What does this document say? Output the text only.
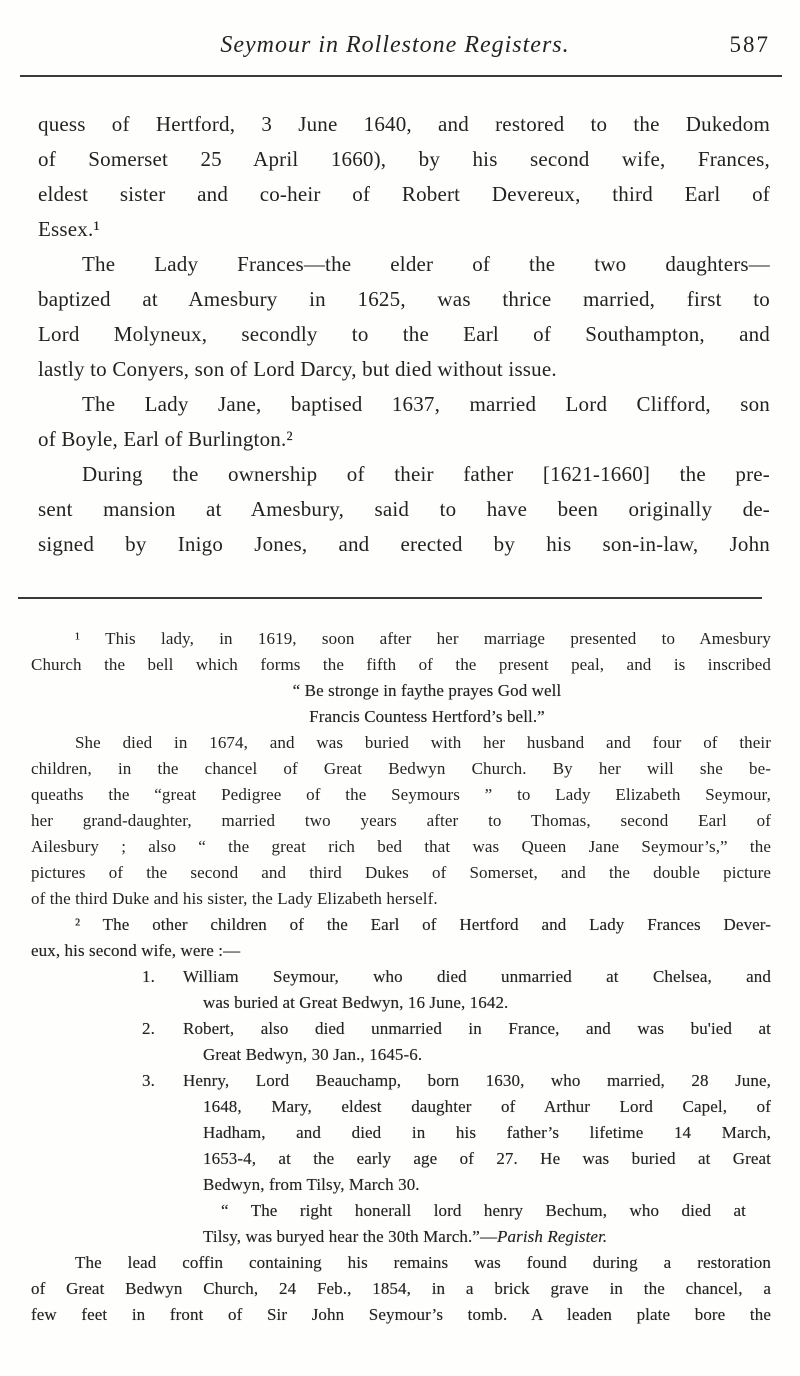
Seymour in Rollestone Registers.	587
quess of Hertford, 3 June 1640, and restored to the Dukedom
of Somerset 25 April 1660), by his second wife, Frances,
eldest sister and co-heir of Robert Devereux, third Earl of
Essex.¹
The Lady Frances—the elder of the two daughters—
baptized at Amesbury in 1625, was thrice married, first to
Lord Molyneux, secondly to the Earl of Southampton, and
lastly to Conyers, son of Lord Darcy, but died without issue.
The Lady Jane, baptised 1637, married Lord Clifford, son
of Boyle, Earl of Burlington.²
During the ownership of their father [1621-1660] the pre-
sent mansion at Amesbury, said to have been originally de-
signed by Inigo Jones, and erected by his son-in-law, John
¹ This lady, in 1619, soon after her marriage presented to Amesbury
Church the bell which forms the fifth of the present peal, and is inscribed
“ Be stronge in faythe prayes God well
Francis Countess Hertford’s bell.”
She died in 1674, and was buried with her husband and four of their
children, in the chancel of Great Bedwyn Church. By her will she be-
queaths the “great Pedigree of the Seymours ” to Lady Elizabeth Seymour,
her grand-daughter, married two years after to Thomas, second Earl of
Ailesbury ; also “ the great rich bed that was Queen Jane Seymour’s,” the
pictures of the second and third Dukes of Somerset, and the double picture
of the third Duke and his sister, the Lady Elizabeth herself.
² The other children of the Earl of Hertford and Lady Frances Dever-
eux, his second wife, were :—
1. William Seymour, who died unmarried at Chelsea, and
was buried at Great Bedwyn, 16 June, 1642.
2. Robert, also died unmarried in France, and was bu'ied at
Great Bedwyn, 30 Jan., 1645-6.
3. Henry, Lord Beauchamp, born 1630, who married, 28 June,
1648, Mary, eldest daughter of Arthur Lord Capel, of
Hadham, and died in his father’s lifetime 14 March,
1653-4, at the early age of 27. He was buried at Great
Bedwyn, from Tilsy, March 30.
“ The right honerall lord henry Bechum, who died at
Tilsy, was buryed hear the 30th March.”—Parish Register.
The lead coffin containing his remains was found during a restoration
of Great Bedwyn Church, 24 Feb., 1854, in a brick grave in the chancel, a
few feet in front of Sir John Seymour’s tomb. A leaden plate bore the
